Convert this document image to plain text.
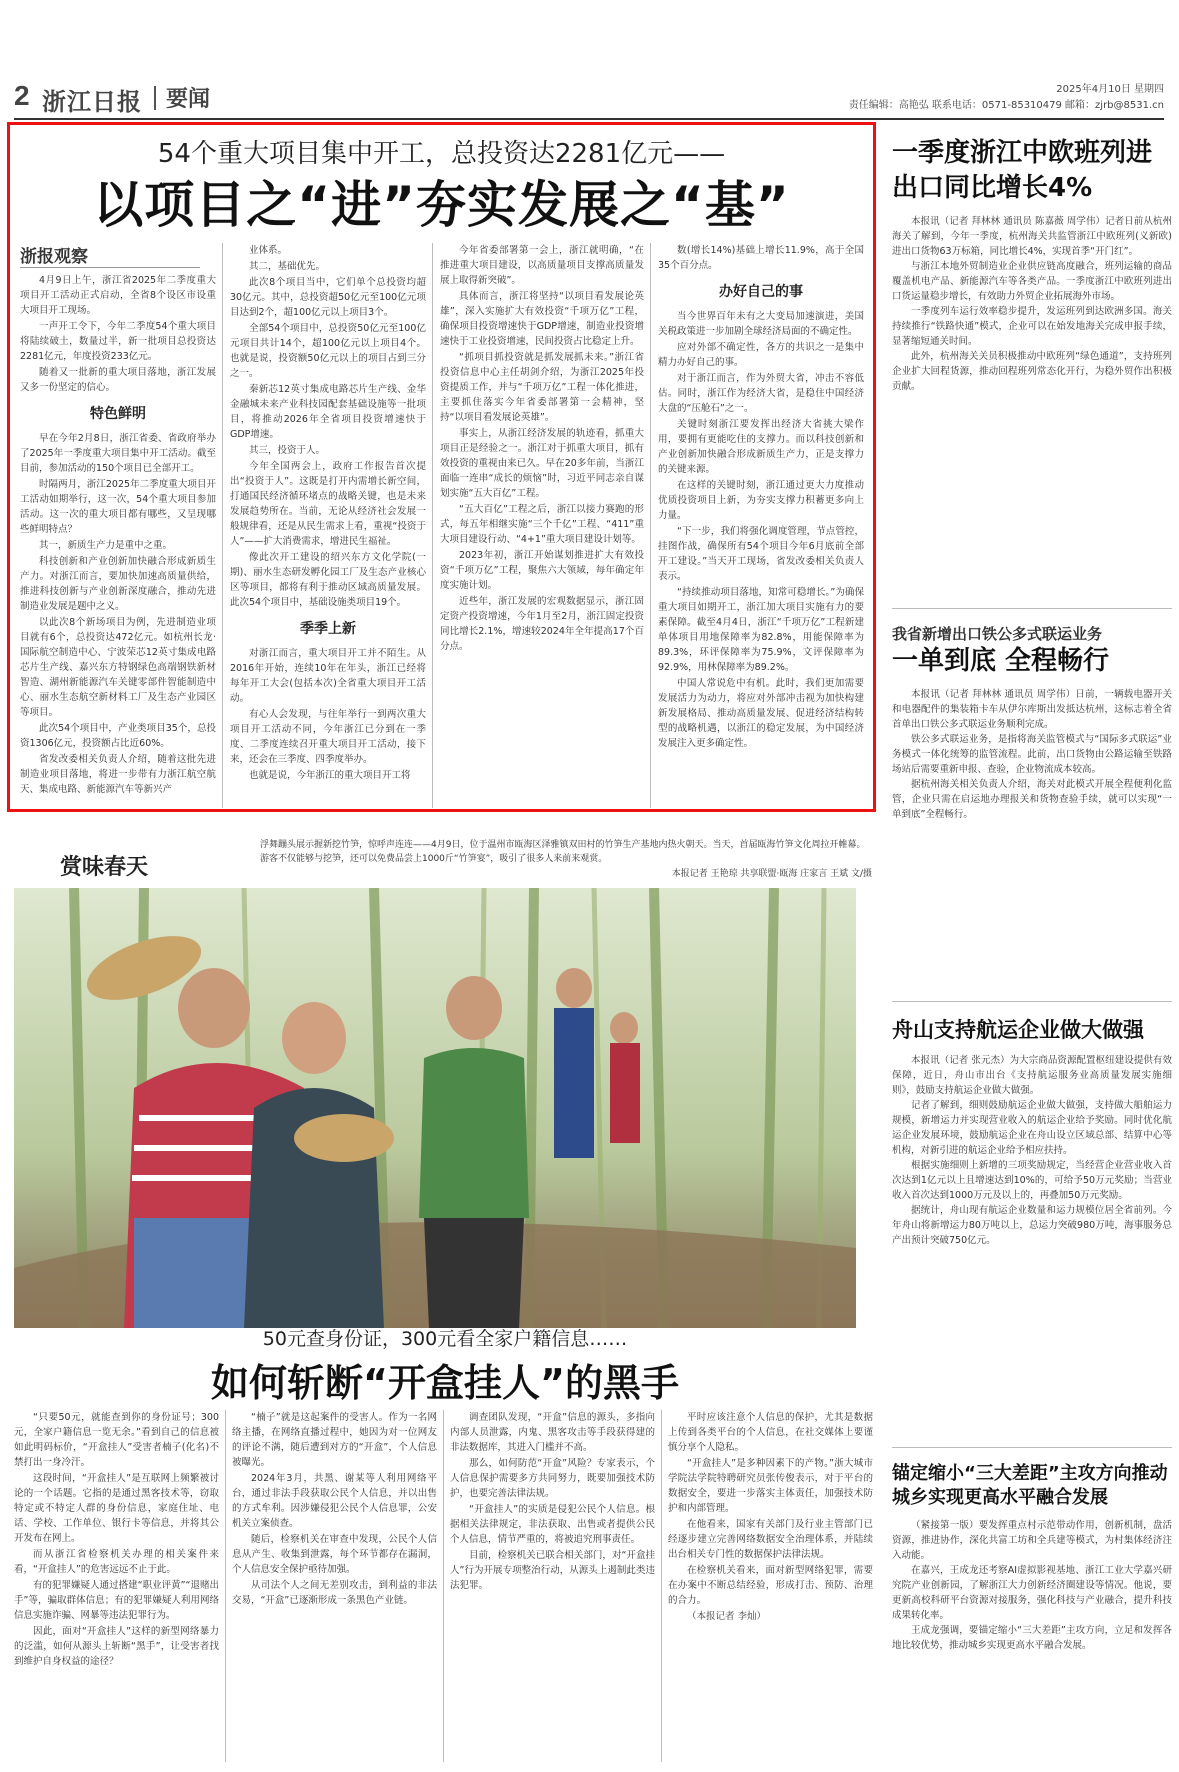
2 浙江日报 要闻	2025年4月10日 星期四
责任编辑：高艳弘 联系电话：0571-85310479 邮箱：zjrb@8531.cn
54个重大项目集中开工，总投资达2281亿元——
以项目之“进”夯实发展之“基”
浙报观察

4月9日上午，浙江省2025年二季度重大项目开工活动正式启动，全省8个设区市设重大项目开工现场。

一声开工令下，今年二季度54个重大项目将陆续破土，数量过半，新一批项目总投资达2281亿元，年度投资233亿元。

随着又一批新的重大项目落地，浙江发展又多一份坚定的信心。

特色鲜明

早在今年2月8日，浙江省委、省政府举办了2025年一季度重大项目集中开工活动。截至目前，参加活动的150个项目已全部开工。

时隔两月，浙江2025年二季度重大项目开工活动如期举行，这一次，54个重大项目参加活动。这一次的重大项目都有哪些，又呈现哪些鲜明特点？

其一，新质生产力是重中之重。

科技创新和产业创新加快融合形成新质生产力。对浙江而言，要加快加速高质量供给，推进科技创新与产业创新深度融合，推动先进制造业发展是题中之义。

以此次8个新场项目为例，先进制造业项目就有6个，总投资达472亿元。如杭州长龙·国际航空制造中心、宁波荣芯12英寸集成电路芯片生产线、嘉兴东方特钢绿色高端钢铁新材智造、湖州新能源汽车关键零部件智能制造中心、丽水生态航空新材料工厂及生态产业园区等项目。

此次54个项目中，产业类项目35个，总投资1306亿元，投资额占比近60%。

省发改委相关负责人介绍，随着这批先进制造业项目落地，将进一步带有力浙江航空航天、集成电路、新能源汽车等新兴产

业体系。

其二，基础优先。

此次8个项目当中，它们单个总投资均超30亿元。其中，总投资超50亿元至100亿元项目达到2个，超100亿元以上项目3个。

全部54个项目中，总投资50亿元至100亿元项目共计14个，超100亿元以上项目4个。也就是说，投资额50亿元以上的项目占到三分之一。

秦新芯12英寸集成电路芯片生产线、金华金融城未来产业科技园配套基础设施等一批项目，将推动2026年全省项目投资增速快于GDP增速。

其三，投资于人。

今年全国两会上，政府工作报告首次提出“投资于人”。这既是打开内需增长新空间，打通国民经济循环堵点的战略关键，也是未来发展趋势所在。当前，无论从经济社会发展一般规律看，还是从民生需求上看，重视“投资于人”——扩大消费需求，增进民生福祉。

像此次开工建设的绍兴东方文化学院(一期)、丽水生态研发孵化园工厂及生态产业核心区等项目，都将有利于推动区域高质量发展。此次54个项目中，基础设施类项目19个。

季季上新

对浙江而言，重大项目开工并不陌生。从2016年开始，连续10年在年头，浙江已经将每年开工大会(包括本次)全省重大项目开工活动。

有心人会发现，与往年举行一到两次重大项目开工活动不同，今年浙江已分到在一季度、二季度连续召开重大项目开工活动，接下来，还会在三季度、四季度举办。

也就是说，今年浙江的重大项目开工将

今年省委部署第一会上，浙江就明确，“在推进重大项目建设，以高质量项目支撑高质量发展上取得新突破”。

具体而言，浙江将坚持“以项目看发展论英雄”，深入实施扩大有效投资“千项万亿”工程，确保项目投资增速快于GDP增速，制造业投资增速快于工业投资增速，民间投资占比稳定上升。

“抓项目抓投资就是抓发展抓未来。”浙江省投资信息中心主任胡剑介绍，为浙江2025年投资提质工作，并与“千项万亿”工程一体化推进，主要抓住落实今年省委部署第一会精神，坚持“以项目看发展论英雄”。

事实上，从浙江经济发展的轨迹看，抓重大项目正是经验之一。浙江对于抓重大项目，抓有效投资的重视由来已久。早在20多年前，当浙江面临一连串“成长的烦恼”时，习近平同志亲自谋划实施“五大百亿”工程。

“五大百亿”工程之后，浙江以接力赛跑的形式，每五年相继实施“三个千亿”工程、“411”重大项目建设行动、“4+1”重大项目建设计划等。

2023年初，浙江开始谋划推进扩大有效投资“千项万亿”工程，聚焦六大领域，每年确定年度实施计划。

近些年，浙江发展的宏观数据显示，浙江固定资产投资增速，今年1月至2月，浙江固定投资同比增长2.1%，增速较2024年全年提高17个百分点。

数(增长14%)基础上增长11.9%，高于全国35个百分点。

办好自己的事

当今世界百年未有之大变局加速演进，美国关税政策进一步加剧全球经济局面的不确定性。

应对外部不确定性，各方的共识之一是集中精力办好自己的事。

对于浙江而言，作为外贸大省，冲击不容低估。同时，浙江作为经济大省，是稳住中国经济大盘的“压舱石”之一。

关键时刻浙江要发挥出经济大省挑大梁作用，要拥有更能吃住的支撑力。而以科技创新和产业创新加快融合形成新质生产力，正是支撑力的关键来源。

在这样的关键时刻，浙江通过更大力度推动优质投资项目上新，为夯实支撑力积蓄更多向上力量。

“下一步，我们将强化调度管理，节点管控，挂图作战，确保所有54个项目今年6月底前全部开工建设。”当天开工现场，省发改委相关负责人表示。

“持续推动项目落地，知常可稳增长。”为确保重大项目如期开工，浙江加大项目实施有力的要素保障。截至4月4日，浙江“千项万亿”工程新建单体项目用地保障率为82.8%，用能保障率为89.3%，环评保障率为75.9%，文评保障率为92.9%，用林保障率为89.2%。

中国人常说危中有机。此时，我们更加需要发展活力为动力，将应对外部冲击视为加快构建新发展格局、推动高质量发展、促进经济结构转型的战略机遇，以浙江的稳定发展，为中国经济发展注入更多确定性。

一季度浙江中欧班列进出口同比增长4%

本报讯（记者 拜林林 通讯员 陈嘉薇 周学伟）记者日前从杭州海关了解到，今年一季度，杭州海关共监管浙江中欧班列(义新欧)进出口货物63万标箱，同比增长4%，实现首季“开门红”。

与浙江本地外贸制造业企业供应链高度融合，班列运输的商品覆盖机电产品、新能源汽车等各类产品。一季度浙江中欧班列进出口货运量稳步增长，有效助力外贸企业拓展海外市场。

一季度列车运行效率稳步提升，发运班列到达欧洲多国。海关持续推行“铁路快通”模式，企业可以在始发地海关完成申报手续，显著缩短通关时间。

此外，杭州海关关员积极推动中欧班列“绿色通道”，支持班列企业扩大回程货源，推动回程班列常态化开行，为稳外贸作出积极贡献。

我省新增出口铁公多式联运业务
一单到底 全程畅行

本报讯（记者 拜林林 通讯员 周学伟）日前，一辆载电器开关和电器配件的集装箱卡车从伊尔库斯出发抵达杭州，这标志着全省首单出口铁公多式联运业务顺利完成。

铁公多式联运业务，是指将海关监管模式与“国际多式联运”业务模式一体化统筹的监管流程。此前，出口货物由公路运输至铁路场站后需要重新申报、查验，企业物流成本较高。

据杭州海关相关负责人介绍，海关对此模式开展全程便利化监管，企业只需在启运地办理报关和货物查验手续，就可以实现“一单到底”全程畅行。

舟山支持航运企业做大做强

本报讯（记者 张元杰）为大宗商品资源配置枢纽建设提供有效保障，近日，舟山市出台《支持航运服务业高质量发展实施细则》，鼓励支持航运企业做大做强。

记者了解到，细则鼓励航运企业做大做强，支持做大船舶运力规模，新增运力并实现营业收入的航运企业给予奖励。同时优化航运企业发展环境，鼓励航运企业在舟山设立区域总部、结算中心等机构，对新引进的航运企业给予相应扶持。

根据实施细则上新增的三项奖励规定，当经营企业营业收入首次达到1亿元以上且增速达到10%的，可给予50万元奖励；当营业收入首次达到1000万元及以上的，再叠加50万元奖励。

据统计，舟山现有航运企业数量和运力规模位居全省前列。今年舟山将新增运力80万吨以上，总运力突破980万吨，海事服务总产出预计突破750亿元。

锚定缩小“三大差距”主攻方向推动城乡实现更高水平融合发展

（紧接第一版）要发挥重点村示范带动作用，创新机制，盘活资源，推进协作，深化共富工坊和全兵建等模式，为村集体经济注入动能。

在嘉兴，王成龙还考察AI虚拟影视基地、浙江工业大学嘉兴研究院产业创新园，了解浙江大力创新经济圈建设等情况。他说，要更新高校科研平台资源对接服务，强化科技与产业融合，提升科技成果转化率。

王成龙强调，要锚定缩小“三大差距”主攻方向，立足和发挥各地比较优势，推动城乡实现更高水平融合发展。

赏味春天
浮舞蹦头展示握新挖竹笋，惊呼声连连——4月9日，位于温州市瓯海区泽雅镇双田村的竹笋生产基地内热火朝天。当天，首届瓯海竹笋文化周拉开帷幕。游客不仅能够与挖笋，还可以免费品尝上1000斤“竹笋宴”，吸引了很多人来前来观赏。
本报记者 王艳琼 共享联盟·瓯海 庄家言 王斌 文/摄
50元查身份证，300元看全家户籍信息……
如何斩断“开盒挂人”的黑手

“只要50元，就能查到你的身份证号；300元，全家户籍信息一览无余。”看到自己的信息被如此明码标价，“开盒挂人”受害者楠子(化名)不禁打出一身冷汗。

这段时间，“开盒挂人”是互联网上频繁被讨论的一个话题。它指的是通过黑客技术等，窃取特定或不特定人群的身份信息，家庭住址、电话、学校、工作单位、银行卡等信息，并将其公开发布在网上。

而从浙江省检察机关办理的相关案件来看，“开盒挂人”的危害远远不止于此。

有的犯罪嫌疑人通过搭建“职业评黄”“退赌出手”等，骗取群体信息；有的犯罪嫌疑人利用网络信息实施诈骗、网暴等违法犯罪行为。

因此，面对“开盒挂人”这样的新型网络暴力的泛滥，如何从源头上斩断“黑手”，让受害者找到维护自身权益的途径？

“楠子”就是这起案件的受害人。作为一名网络主播，在网络直播过程中，她因为对一位网友的评论不满，随后遭到对方的“开盒”，个人信息被曝光。

2024年3月，共黑、谢某等人利用网络平台，通过非法手段获取公民个人信息，并以出售的方式牟利。因涉嫌侵犯公民个人信息罪，公安机关立案侦查。

随后，检察机关在审查中发现，公民个人信息从产生、收集到泄露，每个环节都存在漏洞，个人信息安全保护亟待加强。

从司法个人之间无差别攻击，到利益的非法交易，“开盒”已逐渐形成一条黑色产业链。

调查团队发现，“开盒”信息的源头，多指向内部人员泄露，内鬼、黑客攻击等手段获得建的非法数据库，其进入门槛并不高。

那么，如何防范“开盒”风险？专家表示，个人信息保护需要多方共同努力，既要加强技术防护，也要完善法律法规。

“开盒挂人”的实质是侵犯公民个人信息。根据相关法律规定，非法获取、出售或者提供公民个人信息，情节严重的，将被追究刑事责任。

目前，检察机关已联合相关部门，对“开盒挂人”行为开展专项整治行动，从源头上遏制此类违法犯罪。

平时应该注意个人信息的保护，尤其是数据上传到各类平台的个人信息，在社交媒体上要谨慎分享个人隐私。

“开盒挂人”是多种因素下的产物。”浙大城市学院法学院特聘研究员张传俊表示，对于平台的数据安全，要进一步落实主体责任，加强技术防护和内部管理。

在他看来，国家有关部门及行业主管部门已经逐步建立完善网络数据安全治理体系，并陆续出台相关专门性的数据保护法律法规。

在检察机关看来，面对新型网络犯罪，需要在办案中不断总结经验，形成打击、预防、治理的合力。

（本报记者 李灿）
